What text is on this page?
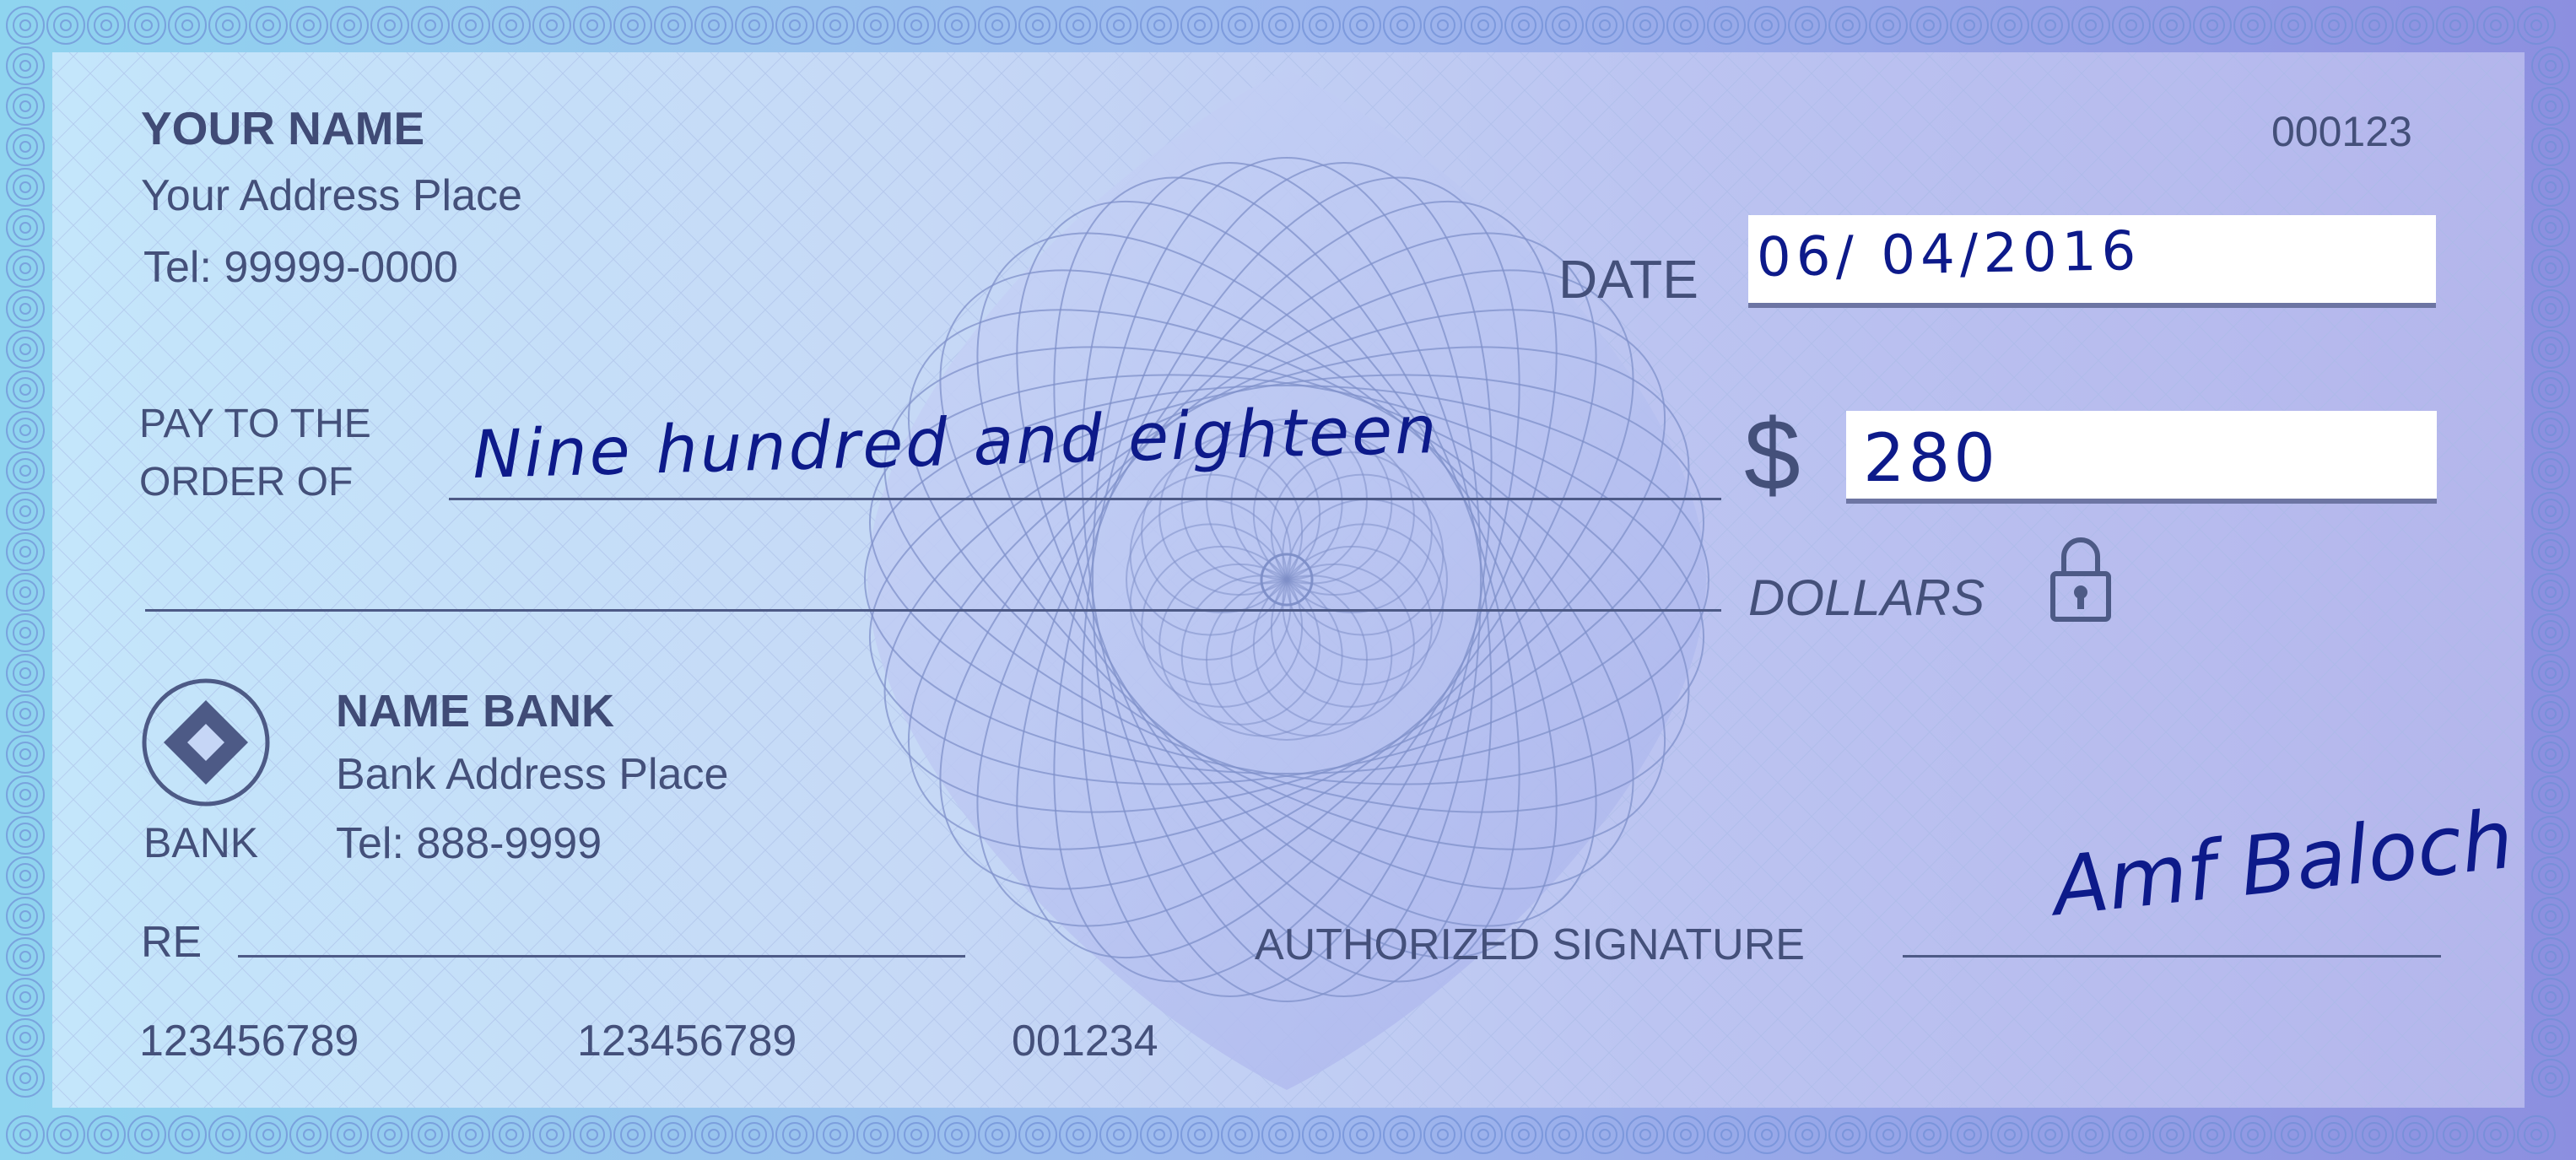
YOUR NAME
Your Address Place
Tel: 99999-0000
000123
DATE 06/ 04/2016
PAY TO THE
ORDER OF Nine hundred and eighteen	$ 280
DOLLARS
BANK
NAME BANK
Bank Address Place
Tel: 888-9999
RE	AUTHORIZED SIGNATURE
Amf Baloch
123456789	123456789	001234
